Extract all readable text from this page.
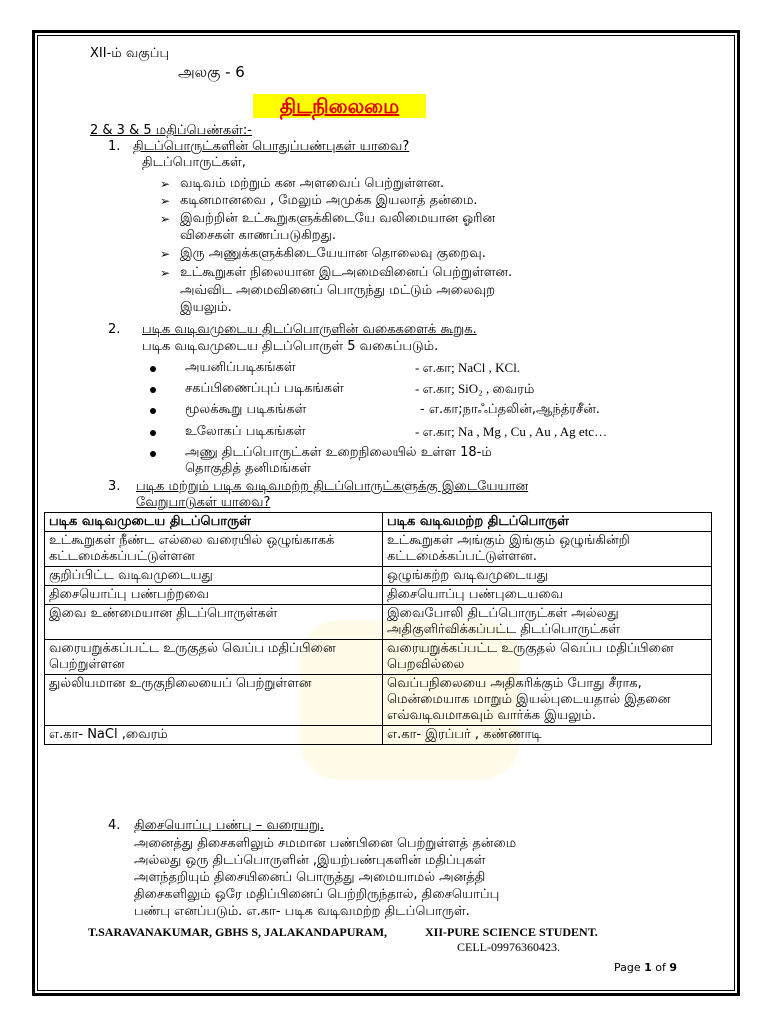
XII-ம் வகுப்பு
அலகு - 6
திடநிலைமை
2 & 3 & 5 மதிப்பெண்கள்:-
1. திடப்பொருட்களின் பொதுப்பண்புகள் யாவை?
திடப்பொருட்கள்,
➢ வடிவம் மற்றும் கன அளவைப் பெற்றுள்ளன.
➢ கடினமானவை , மேலும் அமுக்க இயலாத் தன்மை.
➢ இவற்றின் உட்கூறுகளுக்கிடையே வலிமையான ஓரின
விசைகள் காணப்படுகிறது.
➢ இரு அணுக்களுக்கிடையேயான தொலைவு குறைவு.
➢ உட்கூறுகள் நிலையான இடஅமைவினைப் பெற்றுள்ளன.
அவ்விட அமைவினைப் பொருந்து மட்டும் அலைவுற
இயலும்.
2. படிக வடிவமுடைய திடப்பொருளின் வகைகளைக் கூறுக.
படிக வடிவமுடைய திடப்பொருள் 5 வகைப்படும்.
அயனிப்படிகங்கள்	- எ.கா; NaCl , KCl.
சகப்பிணைப்புப் படிகங்கள்	- எ.கா; SiO₂ , வைரம்
மூலக்கூறு படிகங்கள்	- எ.கா;நாஃப்தலின்,ஆந்த்ரசீன்.
உலோகப் படிகங்கள்	- எ.கா; Na , Mg , Cu , Au , Ag etc…
அணு திடப்பொருட்கள் உறைநிலையில் உள்ள 18-ம்
தொகுதித் தனிமங்கள்
3. படிக மற்றும் படிக வடிவமற்ற திடப்பொருட்களுக்கு இடையேயான
வேறுபாடுகள் யாவை?
படிக வடிவமுடைய திடப்பொருள்	படிக வடிவமற்ற திடப்பொருள்
உட்கூறுகள் நீண்ட எல்லை வரையில் ஒழுங்காகக் கட்டமைக்கப்பட்டுள்ளன	உட்கூறுகள் அங்கும் இங்கும் ஒழுங்கின்றி கட்டமைக்கப்பட்டுள்ளன.
குறிப்பிட்ட வடிவமுடையது	ஒழுங்கற்ற வடிவமுடையது
திசையொப்பு பண்பற்றவை	திசையொப்பு பண்புடையவை
இவை உண்மையான திடப்பொருள்கள்	இவைபோலி திடப்பொருட்கள் அல்லது அதிகுளிர்விக்கப்பட்ட திடப்பொருட்கள்
வரையறுக்கப்பட்ட உருகுதல் வெப்ப மதிப்பினை பெற்றுள்ளன	வரையறுக்கப்பட்ட உருகுதல் வெப்ப மதிப்பினை பெறவில்லை
துல்லியமான உருகுநிலையைப் பெற்றுள்ளன	வெப்பநிலையை அதிகரிக்கும் போது சீராக, மென்மையாக மாறும் இயல்புடையதால் இதனை எவ்வடிவமாகவும் வார்க்க இயலும்.
எ.கா- NaCl ,வைரம்	எ.கா- இரப்பர் , கண்ணாடி
4. திசையொப்பு பண்பு – வரையறு.
அனைத்து திசைகளிலும் சமமான பண்பினை பெற்றுள்ளத் தன்மை
அல்லது ஒரு திடப்பொருளின் ,இயற்பண்புகளின் மதிப்புகள்
அளந்தறியும் திசையினைப் பொருத்து அமையாமல் அனத்தி
திசைகளிலும் ஒரே மதிப்பினைப் பெற்றிருந்தால், திசையொப்பு
பண்பு எனப்படும். எ.கா- படிக வடிவமற்ற திடப்பொருள்.
T.SARAVANAKUMAR, GBHS S, JALAKANDAPURAM,	XII-PURE SCIENCE STUDENT.
CELL-09976360423.
Page 1 of 9
